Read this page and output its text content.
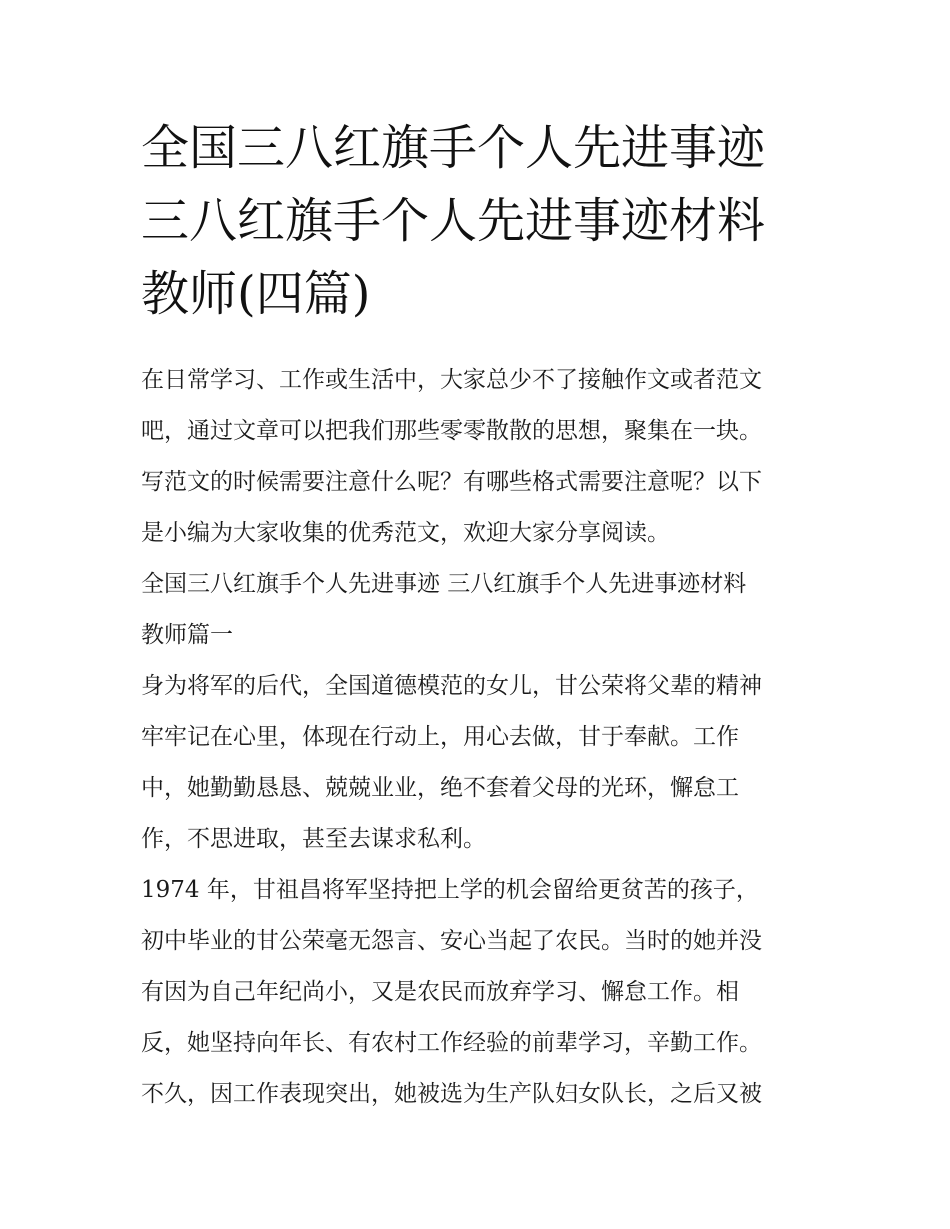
全国三八红旗手个人先进事迹
三八红旗手个人先进事迹材料
教师(四篇)

在日常学习、工作或生活中，大家总少不了接触作文或者范文
吧，通过文章可以把我们那些零零散散的思想，聚集在一块。
写范文的时候需要注意什么呢？有哪些格式需要注意呢？以下
是小编为大家收集的优秀范文，欢迎大家分享阅读。

全国三八红旗手个人先进事迹 三八红旗手个人先进事迹材料
教师篇一

身为将军的后代，全国道德模范的女儿，甘公荣将父辈的精神
牢牢记在心里，体现在行动上，用心去做，甘于奉献。工作
中，她勤勤恳恳、兢兢业业，绝不套着父母的光环，懈怠工
作，不思进取，甚至去谋求私利。

1974 年，甘祖昌将军坚持把上学的机会留给更贫苦的孩子，
初中毕业的甘公荣毫无怨言、安心当起了农民。当时的她并没
有因为自己年纪尚小，又是农民而放弃学习、懈怠工作。相
反，她坚持向年长、有农村工作经验的前辈学习，辛勤工作。
不久，因工作表现突出，她被选为生产队妇女队长，之后又被
